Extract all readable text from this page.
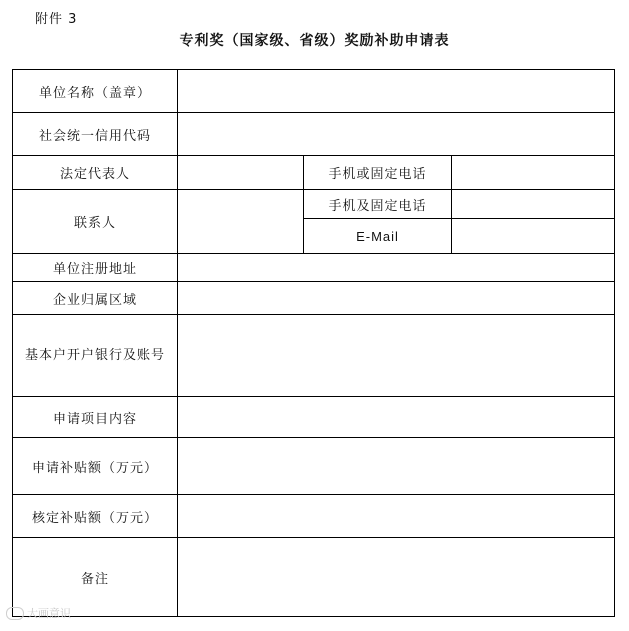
附件 3
专利奖（国家级、省级）奖励补助申请表
单位名称（盖章）			
社会统一信用代码			
法定代表人		手机或固定电话	
联系人		手机及固定电话	
		E-Mail	
单位注册地址			
企业归属区域			
基本户开户银行及账号			
申请项目内容			
申请补贴额（万元）			
核定补贴额（万元）			
备注			
大画意识
